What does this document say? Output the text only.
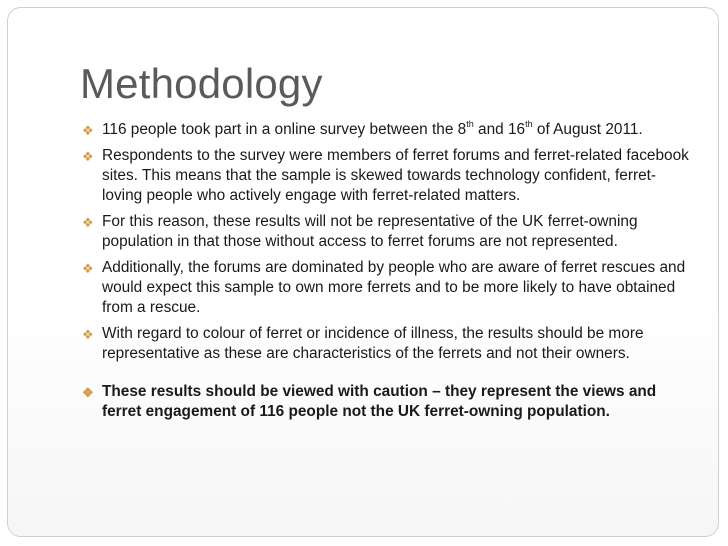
Methodology
❖ 116 people took part in a online survey between the 8th and 16th of August 2011.
❖ Respondents to the survey were members of ferret forums and ferret-related facebook sites. This means that the sample is skewed towards technology confident, ferret-loving people who actively engage with ferret-related matters.
❖ For this reason, these results will not be representative of the UK ferret-owning population in that those without access to ferret forums are not represented.
❖ Additionally, the forums are dominated by people who are aware of ferret rescues and would expect this sample to own more ferrets and to be more likely to have obtained from a rescue.
❖ With regard to colour of ferret or incidence of illness, the results should be more representative as these are characteristics of the ferrets and not their owners.
❖ These results should be viewed with caution – they represent the views and ferret engagement of 116 people not the UK ferret-owning population.
